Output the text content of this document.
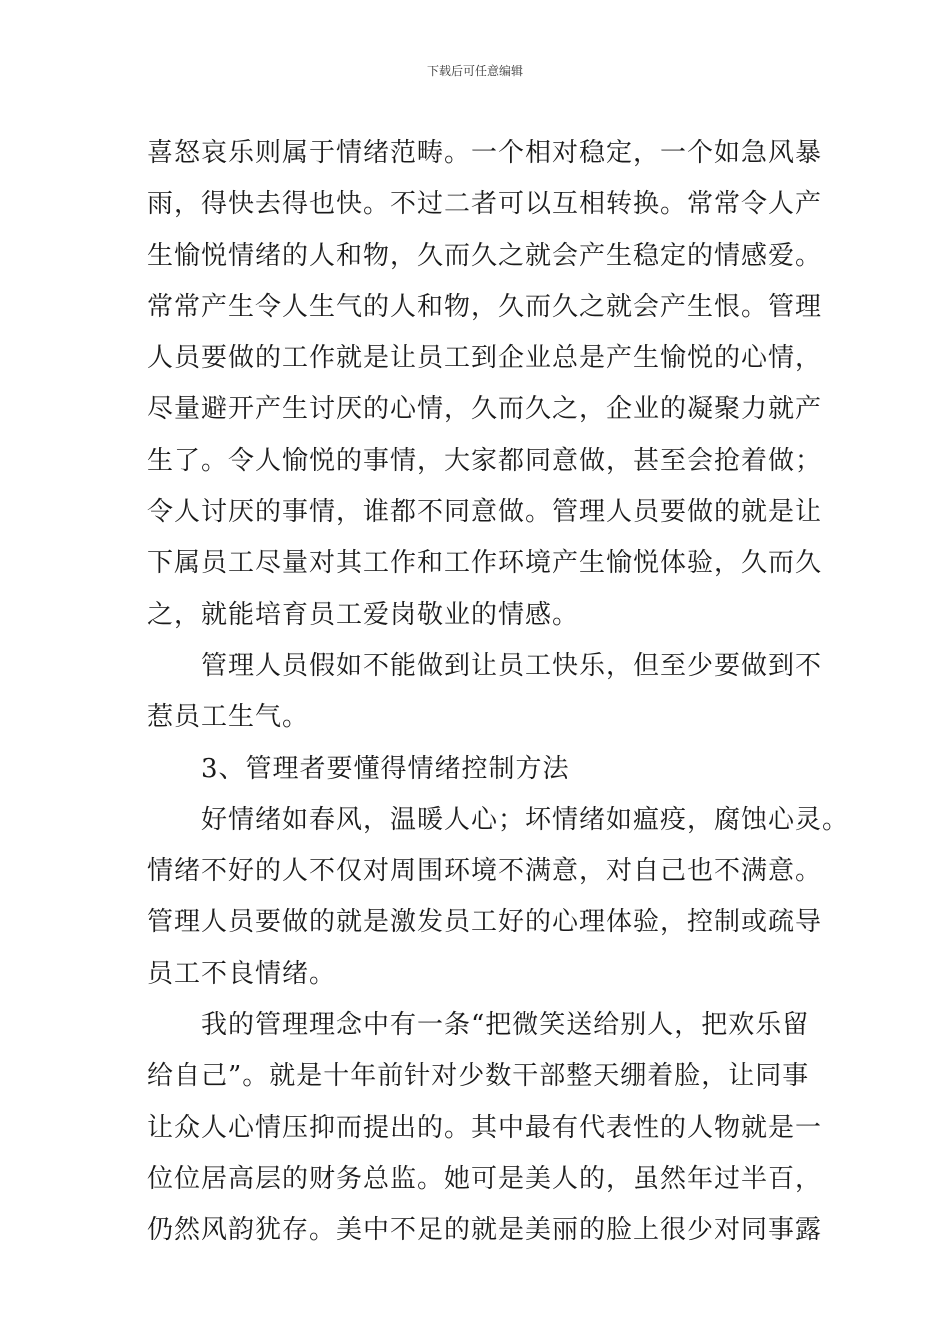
下载后可任意编辑
喜怒哀乐则属于情绪范畴。一个相对稳定，一个如急风暴
雨，得快去得也快。不过二者可以互相转换。常常令人产
生愉悦情绪的人和物，久而久之就会产生稳定的情感爱。
常常产生令人生气的人和物，久而久之就会产生恨。管理
人员要做的工作就是让员工到企业总是产生愉悦的心情，
尽量避开产生讨厌的心情，久而久之，企业的凝聚力就产
生了。令人愉悦的事情，大家都同意做，甚至会抢着做；
令人讨厌的事情，谁都不同意做。管理人员要做的就是让
下属员工尽量对其工作和工作环境产生愉悦体验，久而久
之，就能培育员工爱岗敬业的情感。
管理人员假如不能做到让员工快乐，但至少要做到不
惹员工生气。
3、管理者要懂得情绪控制方法
好情绪如春风，温暖人心；坏情绪如瘟疫，腐蚀心灵。
情绪不好的人不仅对周围环境不满意，对自己也不满意。
管理人员要做的就是激发员工好的心理体验，控制或疏导
员工不良情绪。
我的管理理念中有一条“把微笑送给别人，把欢乐留
给自己”。就是十年前针对少数干部整天绷着脸，让同事
让众人心情压抑而提出的。其中最有代表性的人物就是一
位位居高层的财务总监。她可是美人的，虽然年过半百，
仍然风韵犹存。美中不足的就是美丽的脸上很少对同事露
